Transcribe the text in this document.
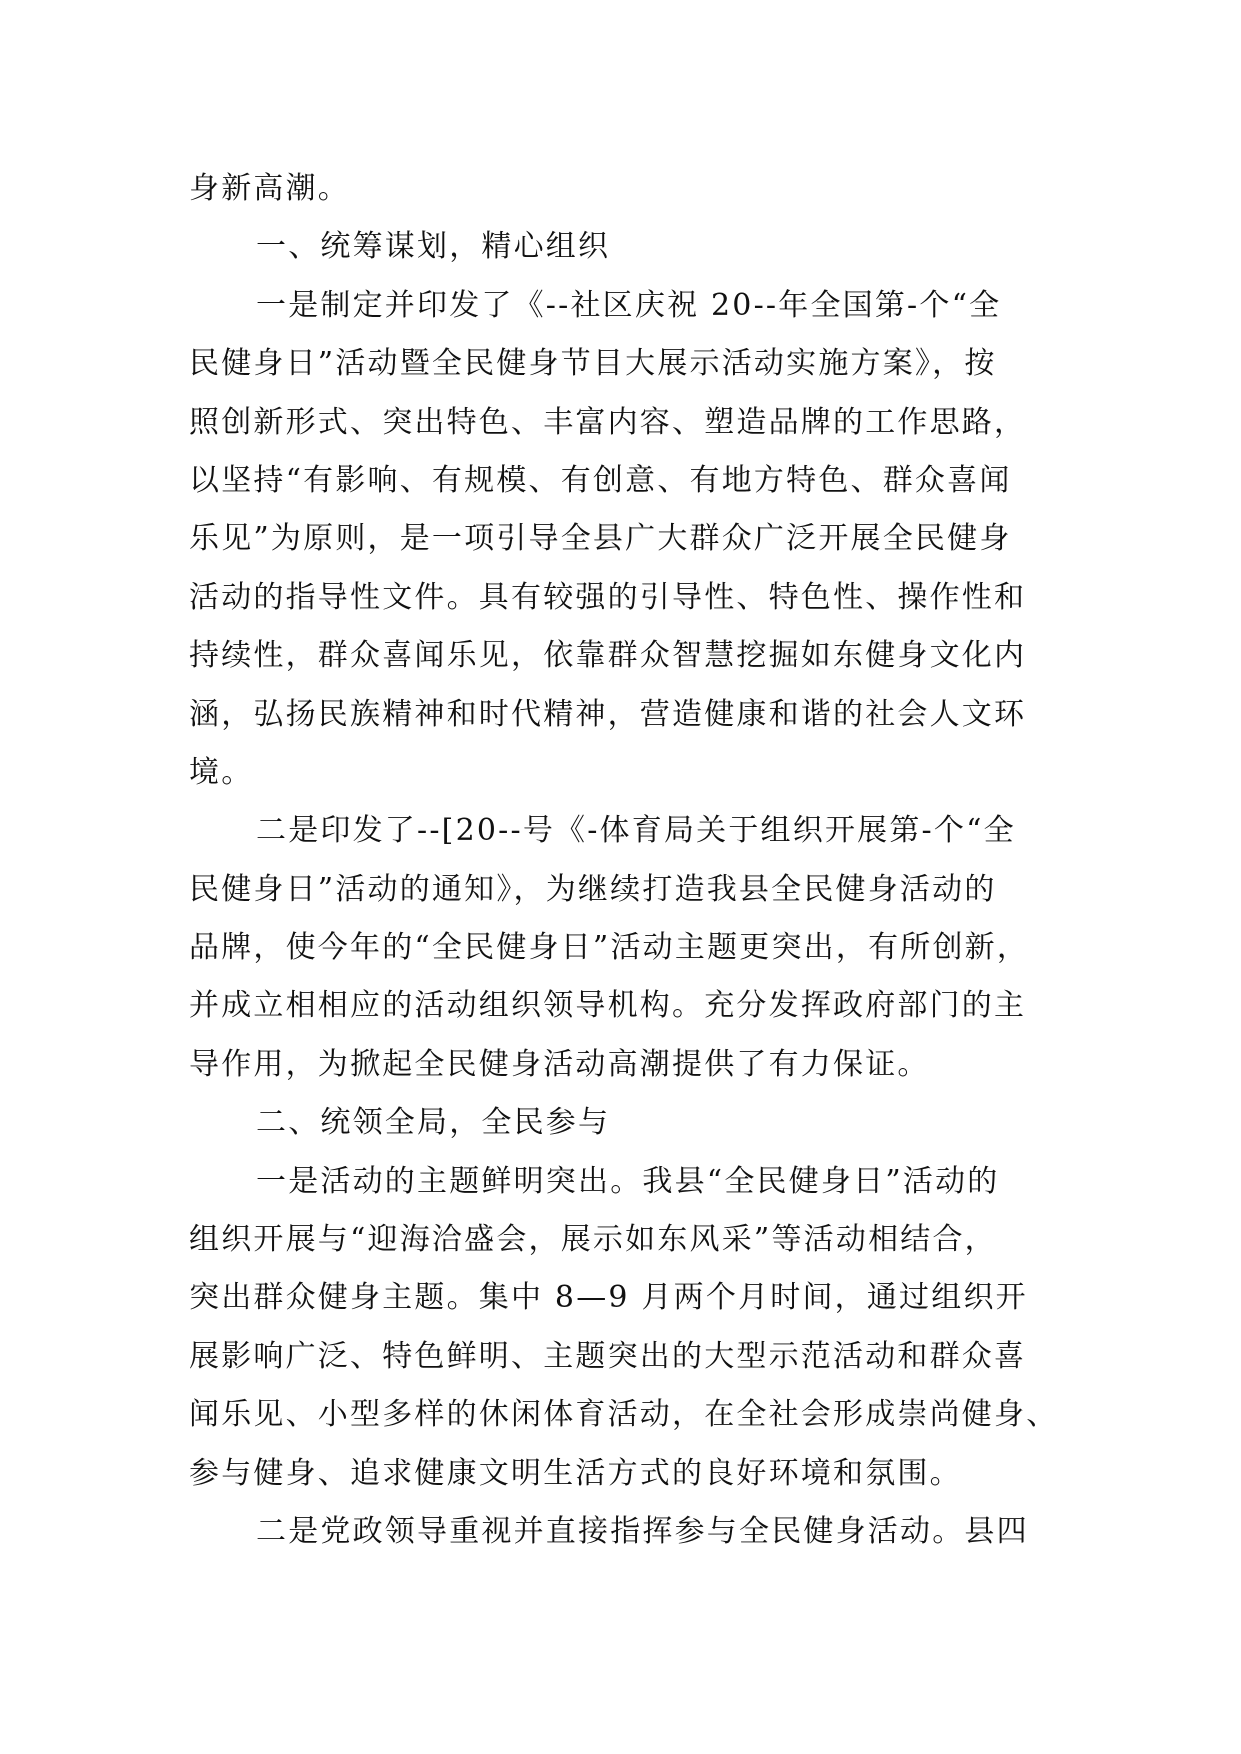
身新高潮。
一、统筹谋划，精心组织
一是制定并印发了《--社区庆祝 20--年全国第-个“全
民健身日”活动暨全民健身节目大展示活动实施方案》，按
照创新形式、突出特色、丰富内容、塑造品牌的工作思路，
以坚持“有影响、有规模、有创意、有地方特色、群众喜闻
乐见”为原则，是一项引导全县广大群众广泛开展全民健身
活动的指导性文件。具有较强的引导性、特色性、操作性和
持续性，群众喜闻乐见，依靠群众智慧挖掘如东健身文化内
涵，弘扬民族精神和时代精神，营造健康和谐的社会人文环
境。
二是印发了--[20--号《-体育局关于组织开展第-个“全
民健身日”活动的通知》，为继续打造我县全民健身活动的
品牌，使今年的“全民健身日”活动主题更突出，有所创新，
并成立相相应的活动组织领导机构。充分发挥政府部门的主
导作用，为掀起全民健身活动高潮提供了有力保证。
二、统领全局，全民参与
一是活动的主题鲜明突出。我县“全民健身日”活动的
组织开展与“迎海洽盛会，展示如东风采”等活动相结合，
突出群众健身主题。集中 8—9 月两个月时间，通过组织开
展影响广泛、特色鲜明、主题突出的大型示范活动和群众喜
闻乐见、小型多样的休闲体育活动，在全社会形成崇尚健身、
参与健身、追求健康文明生活方式的良好环境和氛围。
二是党政领导重视并直接指挥参与全民健身活动。县四
